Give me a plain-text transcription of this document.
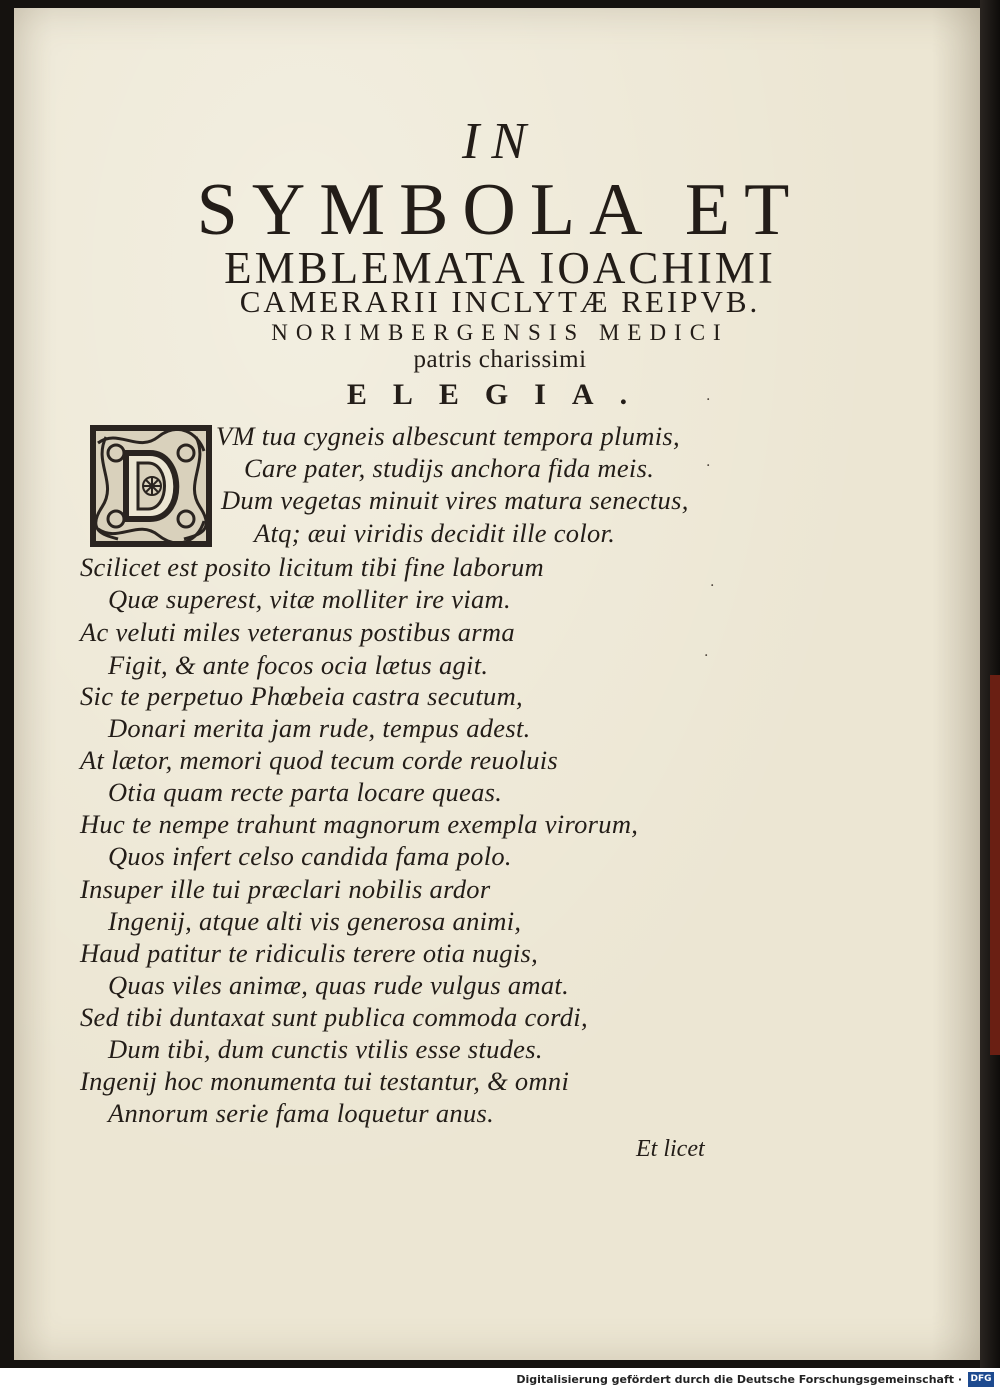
IN
SYMBOLA ET
EMBLEMATA IOACHIMI
CAMERARII INCLYTÆ REIPVB.
NORIMBERGENSIS MEDICI
patris charissimi
ELEGIA.
D
VM tua cygneis albescunt tempora plumis,
Care pater, studijs anchora fida meis.
Dum vegetas minuit vires matura senectus,
Atq; æui viridis decidit ille color.
Scilicet est posito licitum tibi fine laborum
Quæ superest, vitæ molliter ire viam.
Ac veluti miles veteranus postibus arma
Figit, & ante focos ocia lætus agit.
Sic te perpetuo Phœbeia castra secutum,
Donari merita jam rude, tempus adest.
At lætor, memori quod tecum corde reuoluis
Otia quam recte parta locare queas.
Huc te nempe trahunt magnorum exempla virorum,
Quos infert celso candida fama polo.
Insuper ille tui præclari nobilis ardor
Ingenij, atque alti vis generosa animi,
Haud patitur te ridiculis terere otia nugis,
Quas viles animæ, quas rude vulgus amat.
Sed tibi duntaxat sunt publica commoda cordi,
Dum tibi, dum cunctis vtilis esse studes.
Ingenij hoc monumenta tui testantur, & omni
Annorum serie fama loquetur anus.
Et licet
·
·
·
·
Digitalisierung gefördert durch die Deutsche Forschungsgemeinschaft · DFG
